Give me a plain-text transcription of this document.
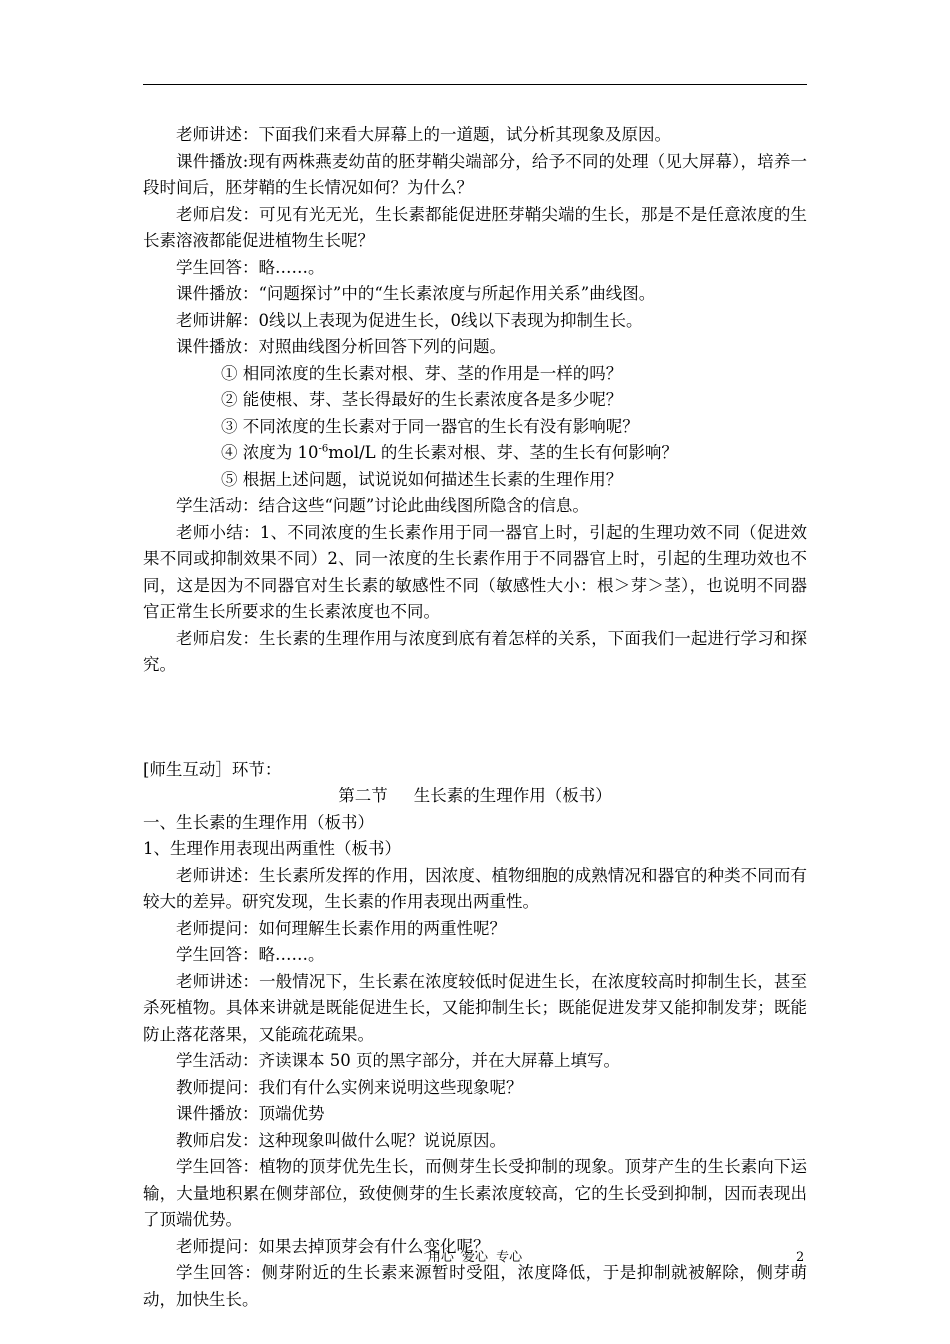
老师讲述：下面我们来看大屏幕上的一道题，试分析其现象及原因。

课件播放:现有两株燕麦幼苗的胚芽鞘尖端部分，给予不同的处理（见大屏幕），培养一段时间后，胚芽鞘的生长情况如何？为什么？

老师启发：可见有光无光，生长素都能促进胚芽鞘尖端的生长，那是不是任意浓度的生长素溶液都能促进植物生长呢？

学生回答：略……。

课件播放：“问题探讨”中的“生长素浓度与所起作用关系”曲线图。

老师讲解：0线以上表现为促进生长，0线以下表现为抑制生长。

课件播放：对照曲线图分析回答下列的问题。

① 相同浓度的生长素对根、芽、茎的作用是一样的吗？

② 能使根、芽、茎长得最好的生长素浓度各是多少呢？

③ 不同浓度的生长素对于同一器官的生长有没有影响呢？

④ 浓度为 $10^{-6}mol/L$ 的生长素对根、芽、茎的生长有何影响？

⑤ 根据上述问题，试说说如何描述生长素的生理作用？

学生活动：结合这些“问题”讨论此曲线图所隐含的信息。

老师小结：1、不同浓度的生长素作用于同一器官上时，引起的生理功效不同（促进效果不同或抑制效果不同）2、同一浓度的生长素作用于不同器官上时，引起的生理功效也不同，这是因为不同器官对生长素的敏感性不同（敏感性大小：根＞芽＞茎），也说明不同器官正常生长所要求的生长素浓度也不同。

老师启发：生长素的生理作用与浓度到底有着怎样的关系，下面我们一起进行学习和探究。

[师生互动］环节：

第二节 生长素的生理作用（板书）

一、生长素的生理作用（板书）

1、生理作用表现出两重性（板书）

老师讲述：生长素所发挥的作用，因浓度、植物细胞的成熟情况和器官的种类不同而有较大的差异。研究发现，生长素的作用表现出两重性。

老师提问：如何理解生长素作用的两重性呢？

学生回答：略……。

老师讲述：一般情况下，生长素在浓度较低时促进生长，在浓度较高时抑制生长，甚至杀死植物。具体来讲就是既能促进生长，又能抑制生长；既能促进发芽又能抑制发芽；既能防止落花落果，又能疏花疏果。

学生活动：齐读课本 50 页的黑字部分，并在大屏幕上填写。

教师提问：我们有什么实例来说明这些现象呢？

课件播放：顶端优势

教师启发：这种现象叫做什么呢？说说原因。

学生回答：植物的顶芽优先生长，而侧芽生长受抑制的现象。顶芽产生的生长素向下运输，大量地积累在侧芽部位，致使侧芽的生长素浓度较高，它的生长受到抑制，因而表现出了顶端优势。

老师提问：如果去掉顶芽会有什么变化呢？

学生回答：侧芽附近的生长素来源暂时受阻，浓度降低，于是抑制就被解除，侧芽萌动，加快生长。

用心 爱心 专心	2
